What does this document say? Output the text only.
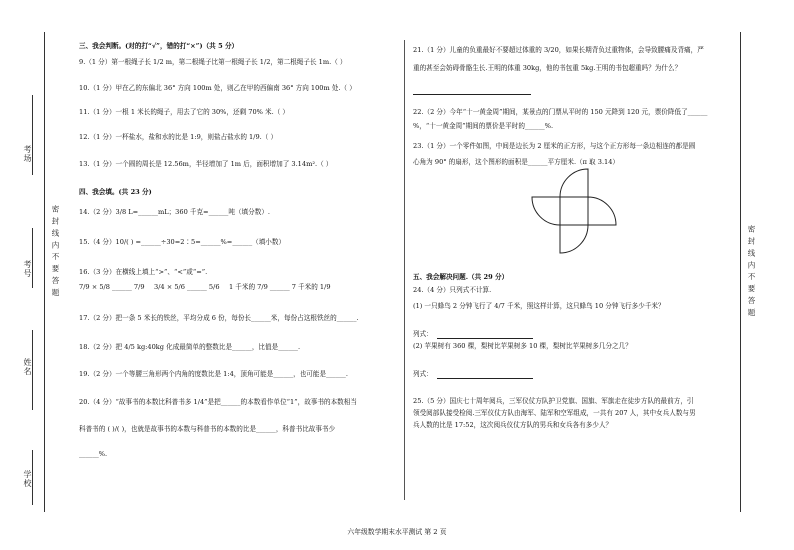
考场
考号
姓名
学校
密 封 线 内 不 要 答 题	密 封 线 内 不 要 答 题
三、我会判断。(对的打“√”，错的打“×”)（共 5 分）
9.（1 分）第一根绳子长 1/2 m，第二根绳子比第一根绳子长 1/2，第二根绳子长 1m.（ ）
10.（1 分）甲在乙的东偏北 36° 方向 100m 处，则乙在甲的西偏南 36° 方向 100m 处.（ ）
11.（1 分）一根 1 米长的绳子，用去了它的 30%，还剩 70% 米.（ ）
12.（1 分）一杯盐水，盐和水的比是 1:9，则盐占盐水的 1/9.（ ）
13.（1 分）一个圆的周长是 12.56m，半径增加了 1m 后，面积增加了 3.14m².（ ）
四、我会填。(共 23 分)
14.（2 分）3/8 L=______mL；360 千克=______吨（填分数）.
15.（4 分）10/( ) =______÷30=2∶5=______%=______（填小数）
16.（3 分）在横线上填上“>”、“<”或“=”.
7/9 × 5/8 ______ 7/9 3/4 × 5/6 ______ 5/6 1 千米的 7/9 ______ 7 千米的 1/9
17.（2 分）把一条 5 米长的铁丝，平均分成 6 份，每份长______米，每份占这根铁丝的______.
18.（2 分）把 4/5 kg:40kg 化成最简单的整数比是______，比值是______.
19.（2 分）一个等腰三角形两个内角的度数比是 1:4，顶角可能是______，也可能是______.
20.（4 分）“故事书的本数比科普书多 1/4”是把______的本数看作单位“1”，故事书的本数相当
科普书的 ( )/( )，也就是故事书的本数与科普书的本数的比是______，科普书比故事书少
______%.
21.（1 分）儿童的负重最好不要超过体重的 3/20，如果长期背负过重物体，会导致腰痛及背痛，严
重的甚至会妨碍骨骼生长.王明的体重 30kg，他的书包重 5kg.王明的书包超重吗？为什么？
22.（2 分）今年“十一黄金周”期间，某景点的门票从平时的 150 元降到 120 元，票价降低了______
%，“十一黄金周”期间的票价是平时的______%.
23.（1 分）一个零件如图，中间是边长为 2 厘米的正方形，与这个正方形每一条边相连的都是圆
心角为 90° 的扇形，这个图形的面积是______平方厘米.（π 取 3.14）
五、我会解决问题.（共 29 分）
24.（4 分）只列式不计算.
(1) 一只蜂鸟 2 分钟飞行了 4/7 千米，照这样计算，这只蜂鸟 10 分钟飞行多少千米？
列式：
(2) 苹果树有 360 棵，梨树比苹果树多 10 棵，梨树比苹果树多几分之几？
列式：
25.（5 分）国庆七十周年阅兵，三军仪仗方队护卫党旗、国旗、军旗走在徒步方队的最前方，引
领受阅部队接受检阅.三军仪仗方队由海军、陆军和空军组成，一共有 207 人，其中女兵人数与男
兵人数的比是 17:52，这次阅兵仪仗方队的男兵和女兵各有多少人？
六年级数学期末水平测试 第 2 页
